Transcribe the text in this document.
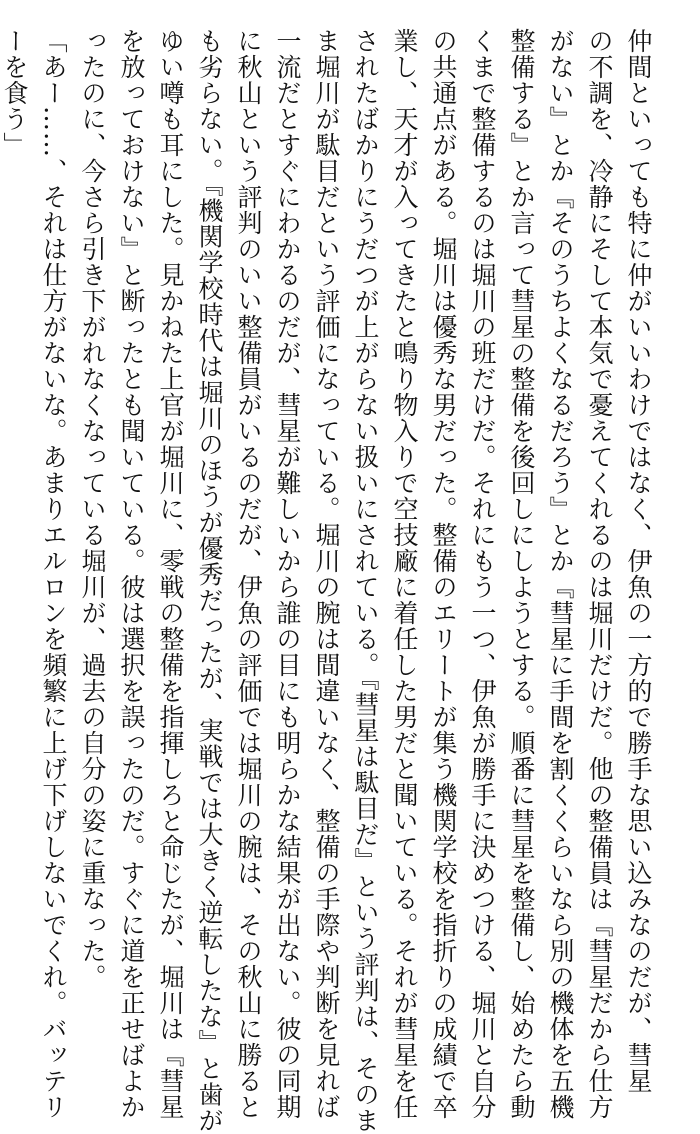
仲間といっても特に仲がいいわけではなく、伊魚の一方的で勝手な思い込みなのだが、彗星

の不調を、冷静にそして本気で憂えてくれるのは堀川だけだ。他の整備員は『彗星だから仕方

がない』とか『そのうちよくなるだろう』とか『彗星に手間を割くくらいなら別の機体を五機

整備する』とか言って彗星の整備を後回しにしようとする。順番に彗星を整備し、始めたら動

くまで整備するのは堀川の班だけだ。それにもう一つ、伊魚が勝手に決めつける、堀川と自分

の共通点がある。堀川は優秀な男だった。整備のエリートが集う機関学校を指折りの成績で卒

業し、天才が入ってきたと鳴り物入りで空技廠に着任した男だと聞いている。それが彗星を任

されたばかりにうだつが上がらない扱いにされている。『彗星は駄目だ』という評判は、そのま

ま堀川が駄目だという評価になっている。堀川の腕は間違いなく、整備の手際や判断を見れば

一流だとすぐにわかるのだが、彗星が難しいから誰の目にも明らかな結果が出ない。彼の同期

に秋山という評判のいい整備員がいるのだが、伊魚の評価では堀川の腕は、その秋山に勝ると

も劣らない。『機関学校時代は堀川のほうが優秀だったが、実戦では大きく逆転したな』と歯が

ゆい噂も耳にした。見かねた上官が堀川に、零戦の整備を指揮しろと命じたが、堀川は『彗星

を放っておけない』と断ったとも聞いている。彼は選択を誤ったのだ。すぐに道を正せばよか

ったのに、今さら引き下がれなくなっている堀川が、過去の自分の姿に重なった。

「あー……、それは仕方がないな。あまりエルロンを頻繁に上げ下げしないでくれ。バッテリ

ーを食う」
